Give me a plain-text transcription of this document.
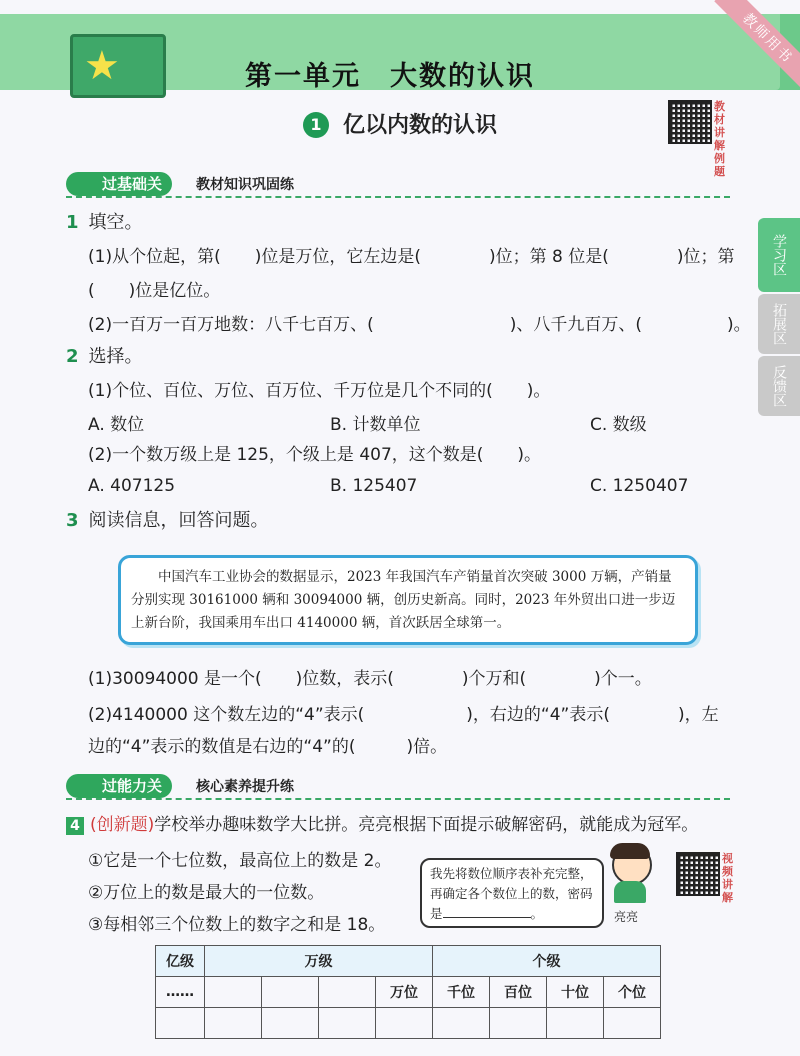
★	第一单元　大数的认识
教师用书
1 亿以内数的认识
教材讲解例题
学习区
拓展区
反馈区
过基础关	教材知识巩固练
1 填空。
(1)从个位起，第(　　)位是万位，它左边是(　　　　)位；第 8 位是(　　　　)位；第
(　　)位是亿位。
(2)一百万一百万地数：八千七百万、(　　　　　　　　)、八千九百万、(　　　　　)。
2 选择。
(1)个位、百位、万位、百万位、千万位是几个不同的(　　)。
A. 数位	B. 计数单位	C. 数级
(2)一个数万级上是 125，个级上是 407，这个数是(　　)。
A. 407125	B. 125407	C. 1250407
3 阅读信息，回答问题。
中国汽车工业协会的数据显示，2023 年我国汽车产销量首次突破 3000 万辆，产销量分别实现 30161000 辆和 30094000 辆，创历史新高。同时，2023 年外贸出口进一步迈上新台阶，我国乘用车出口 4140000 辆，首次跃居全球第一。
(1)30094000 是一个(　　)位数，表示(　　　　)个万和(　　　　)个一。
(2)4140000 这个数左边的“4”表示(　　　　　　)，右边的“4”表示(　　　　)，左
边的“4”表示的数值是右边的“4”的(　　　)倍。
过能力关	核心素养提升练
4 (创新题)学校举办趣味数学大比拼。亮亮根据下面提示破解密码，就能成为冠军。
①它是一个七位数，最高位上的数是 2。
②万位上的数是最大的一位数。
③每相邻三个位数上的数字之和是 18。
我先将数位顺序表补充完整，再确定各个数位上的数，密码是	。	亮亮
视频讲解
亿级	万级				个级			
……				万位	千位	百位	十位	个位
